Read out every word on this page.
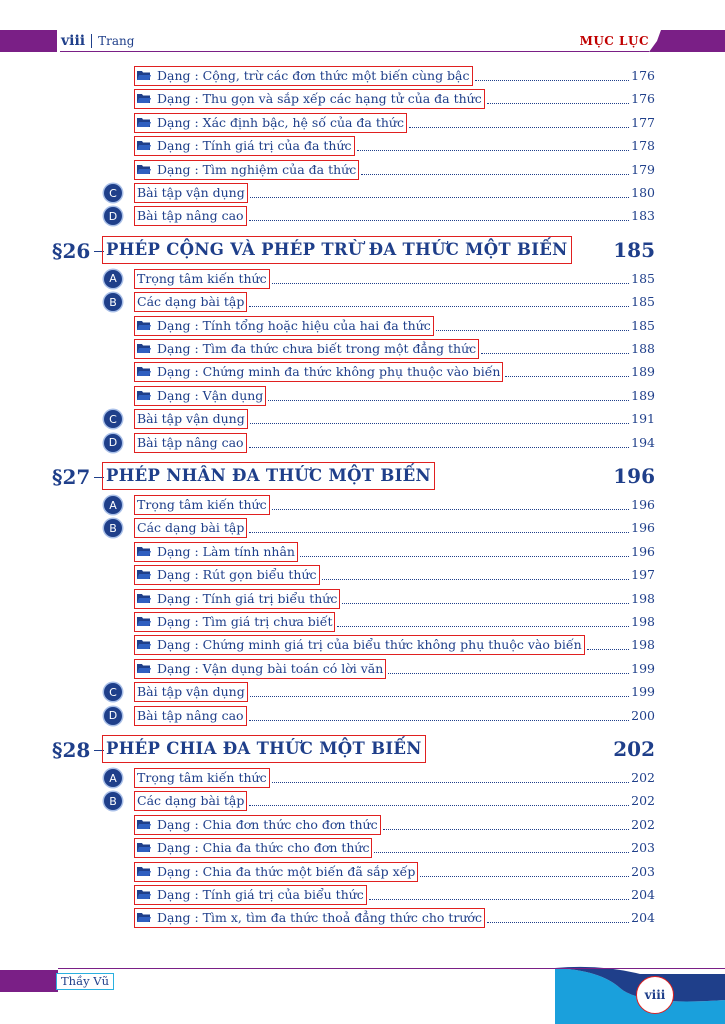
viii Trang	MỤC LỤC
Dạng : Cộng, trừ các đơn thức một biến cùng bậc	176
Dạng : Thu gọn và sắp xếp các hạng tử của đa thức	176
Dạng : Xác định bậc, hệ số của đa thức	177
Dạng : Tính giá trị của đa thức	178
Dạng : Tìm nghiệm của đa thức	179
C	Bài tập vận dụng	180
D	Bài tập nâng cao	183
§26 PHÉP CỘNG VÀ PHÉP TRỪ ĐA THỨC MỘT BIẾN 185
A	Trọng tâm kiến thức	185
B	Các dạng bài tập	185
Dạng : Tính tổng hoặc hiệu của hai đa thức	185
Dạng : Tìm đa thức chưa biết trong một đẳng thức	188
Dạng : Chứng minh đa thức không phụ thuộc vào biến	189
Dạng : Vận dụng	189
C	Bài tập vận dụng	191
D	Bài tập nâng cao	194
§27 PHÉP NHÂN ĐA THỨC MỘT BIẾN	196
A	Trọng tâm kiến thức	196
B	Các dạng bài tập	196
Dạng : Làm tính nhân	196
Dạng : Rút gọn biểu thức	197
Dạng : Tính giá trị biểu thức	198
Dạng : Tìm giá trị chưa biết	198
Dạng : Chứng minh giá trị của biểu thức không phụ thuộc vào biến	198
Dạng : Vận dụng bài toán có lời văn	199
C	Bài tập vận dụng	199
D	Bài tập nâng cao	200
§28 PHÉP CHIA ĐA THỨC MỘT BIẾN	202
A	Trọng tâm kiến thức	202
B	Các dạng bài tập	202
Dạng : Chia đơn thức cho đơn thức	202
Dạng : Chia đa thức cho đơn thức	203
Dạng : Chia đa thức một biến đã sắp xếp	203
Dạng : Tính giá trị của biểu thức	204
Dạng : Tìm x, tìm đa thức thoả đẳng thức cho trước	204
Thầy Vũ
viii
